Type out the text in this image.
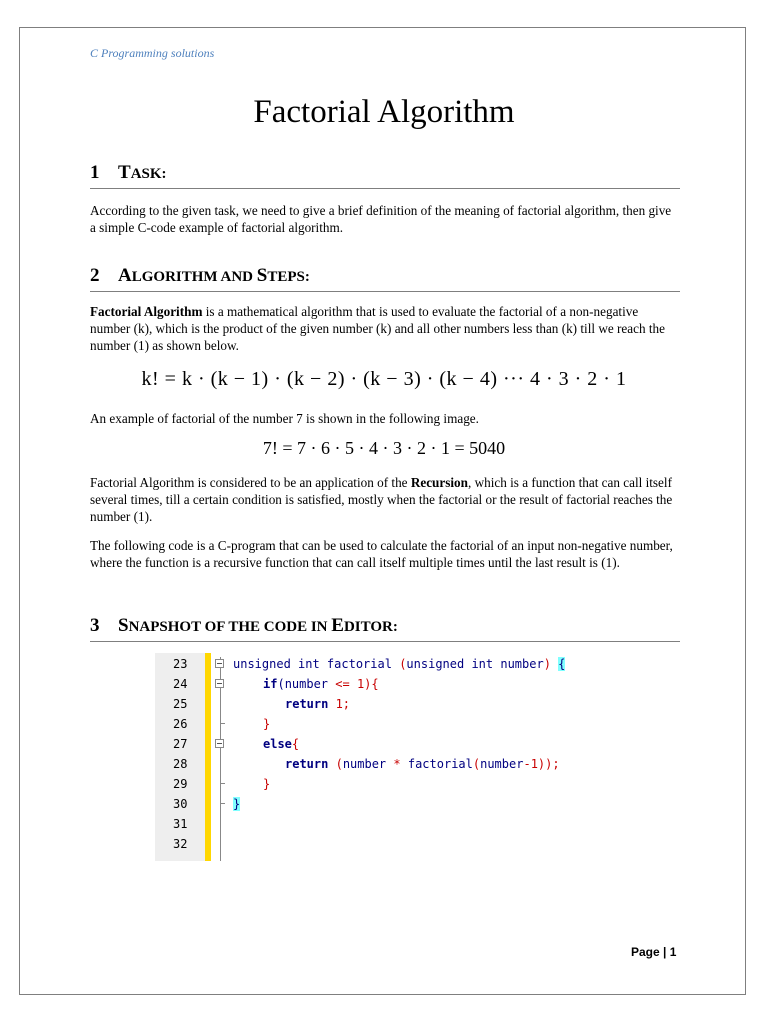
C Programming solutions
Factorial Algorithm
1 TASK:
According to the given task, we need to give a brief definition of the meaning of factorial algorithm, then give a simple C-code example of factorial algorithm.
2 ALGORITHM AND STEPS:
Factorial Algorithm is a mathematical algorithm that is used to evaluate the factorial of a non-negative number (k), which is the product of the given number (k) and all other numbers less than (k) till we reach the number (1) as shown below.
k! = k · (k − 1) · (k − 2) · (k − 3) · (k − 4) ··· 4 · 3 · 2 · 1
An example of factorial of the number 7 is shown in the following image.
7! = 7 · 6 · 5 · 4 · 3 · 2 · 1 = 5040
Factorial Algorithm is considered to be an application of the Recursion, which is a function that can call itself several times, till a certain condition is satisfied, mostly when the factorial or the result of factorial reaches the number (1).
The following code is a C-program that can be used to calculate the factorial of an input non-negative number, where the function is a recursive function that can call itself multiple times until the last result is (1).
3 SNAPSHOT OF THE CODE IN EDITOR:
23
24
25
26
27
28
29
30
31
32
unsigned int factorial (unsigned int number) {
if(number <= 1){
return 1;
}
else{
return (number * factorial(number-1));
}
}
Page | 1
